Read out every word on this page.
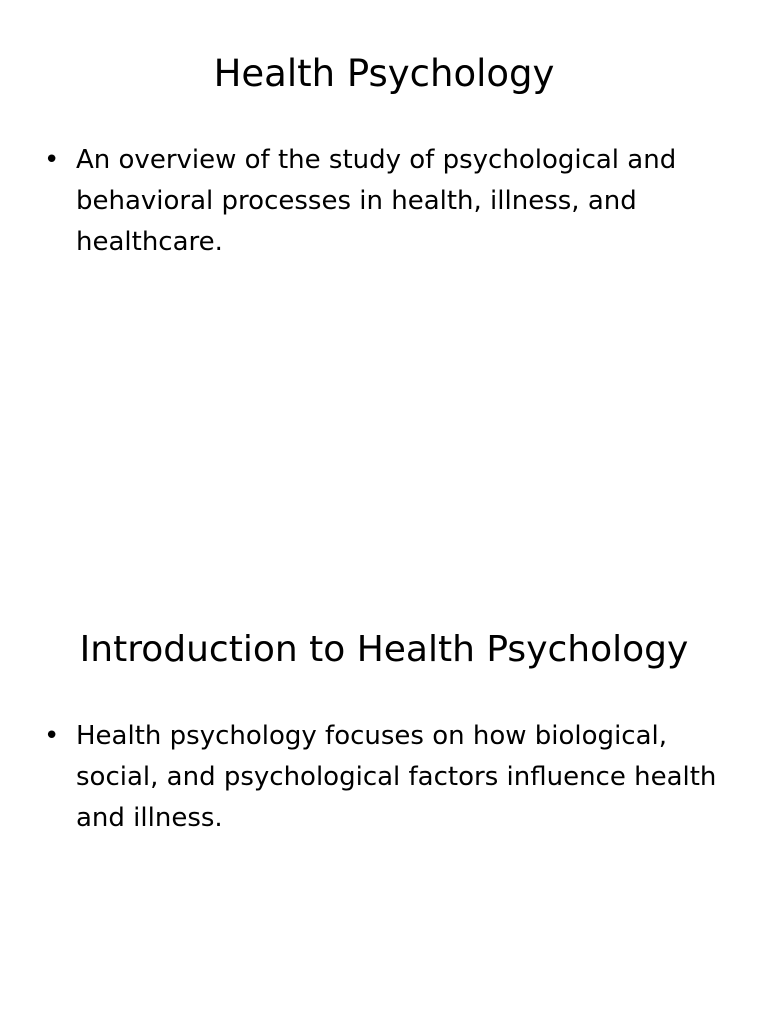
Health Psychology
• An overview of the study of psychological and behavioral processes in health, illness, and healthcare.
Introduction to Health Psychology
• Health psychology focuses on how biological, social, and psychological factors influence health and illness.
